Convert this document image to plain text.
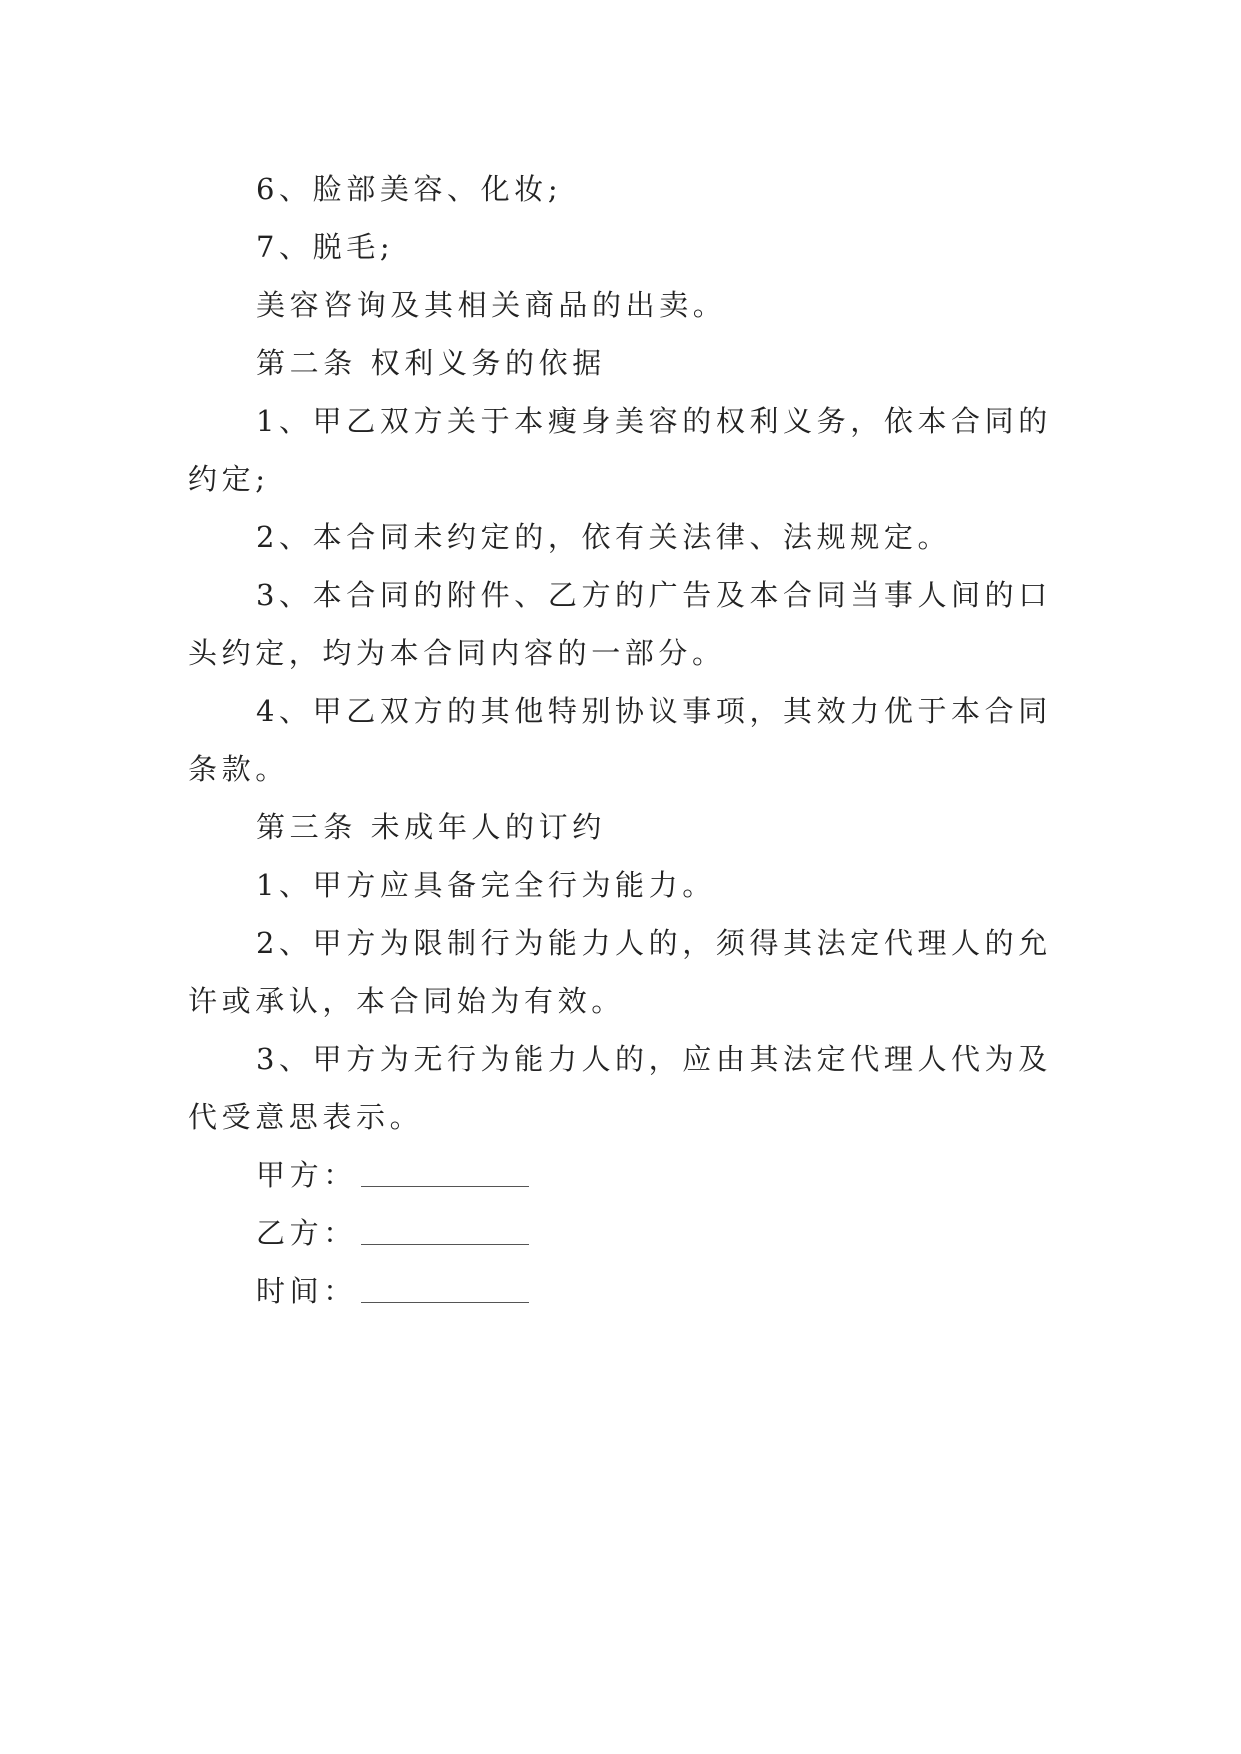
6、脸部美容、化妆;

7、脱毛;

美容咨询及其相关商品的出卖。

第二条 权利义务的依据

1、甲乙双方关于本瘦身美容的权利义务，依本合同的约定;

2、本合同未约定的，依有关法律、法规规定。

3、本合同的附件、乙方的广告及本合同当事人间的口头约定，均为本合同内容的一部分。

4、甲乙双方的其他特别协议事项，其效力优于本合同条款。

第三条 未成年人的订约

1、甲方应具备完全行为能力。

2、甲方为限制行为能力人的，须得其法定代理人的允许或承认，本合同始为有效。

3、甲方为无行为能力人的，应由其法定代理人代为及代受意思表示。

甲方：
乙方：
时间：
